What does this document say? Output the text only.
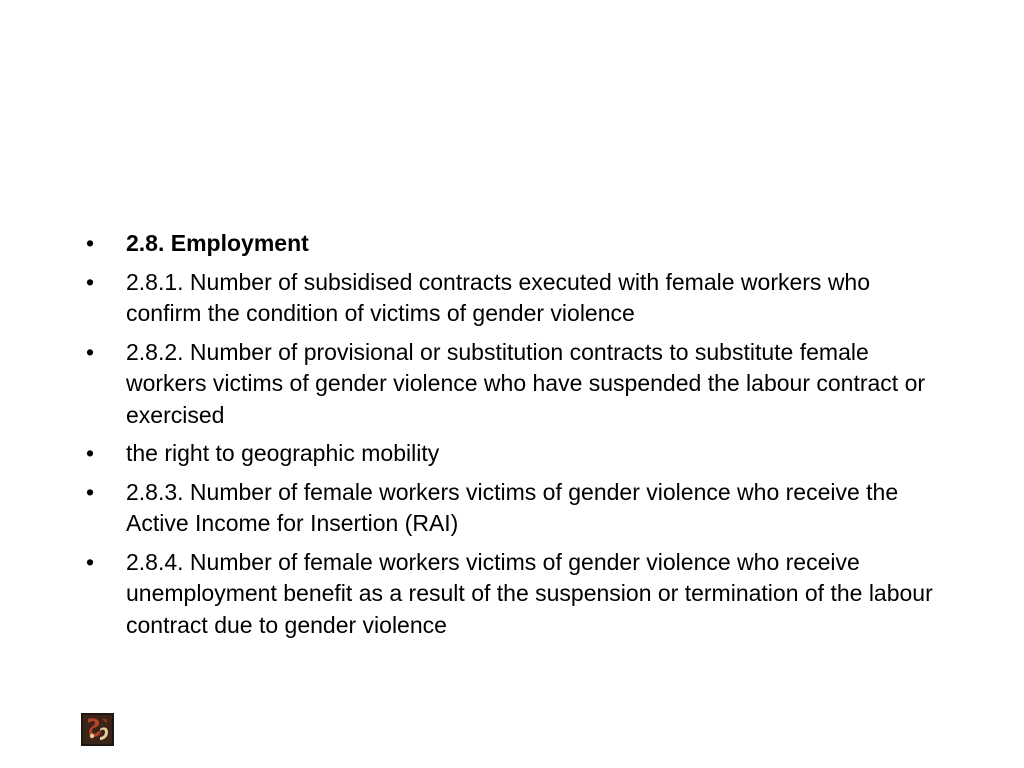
• 2.8. Employment
• 2.8.1. Number of subsidised contracts executed with female workers who confirm the condition of victims of gender violence
• 2.8.2. Number of provisional or substitution contracts to substitute female workers victims of gender violence who have suspended the labour contract or exercised
• the right to geographic mobility
• 2.8.3. Number of female workers victims of gender violence who receive the Active Income for Insertion (RAI)
• 2.8.4. Number of female workers victims of gender violence who receive unemployment benefit as a result of the suspension or termination of the labour contract due to gender violence
